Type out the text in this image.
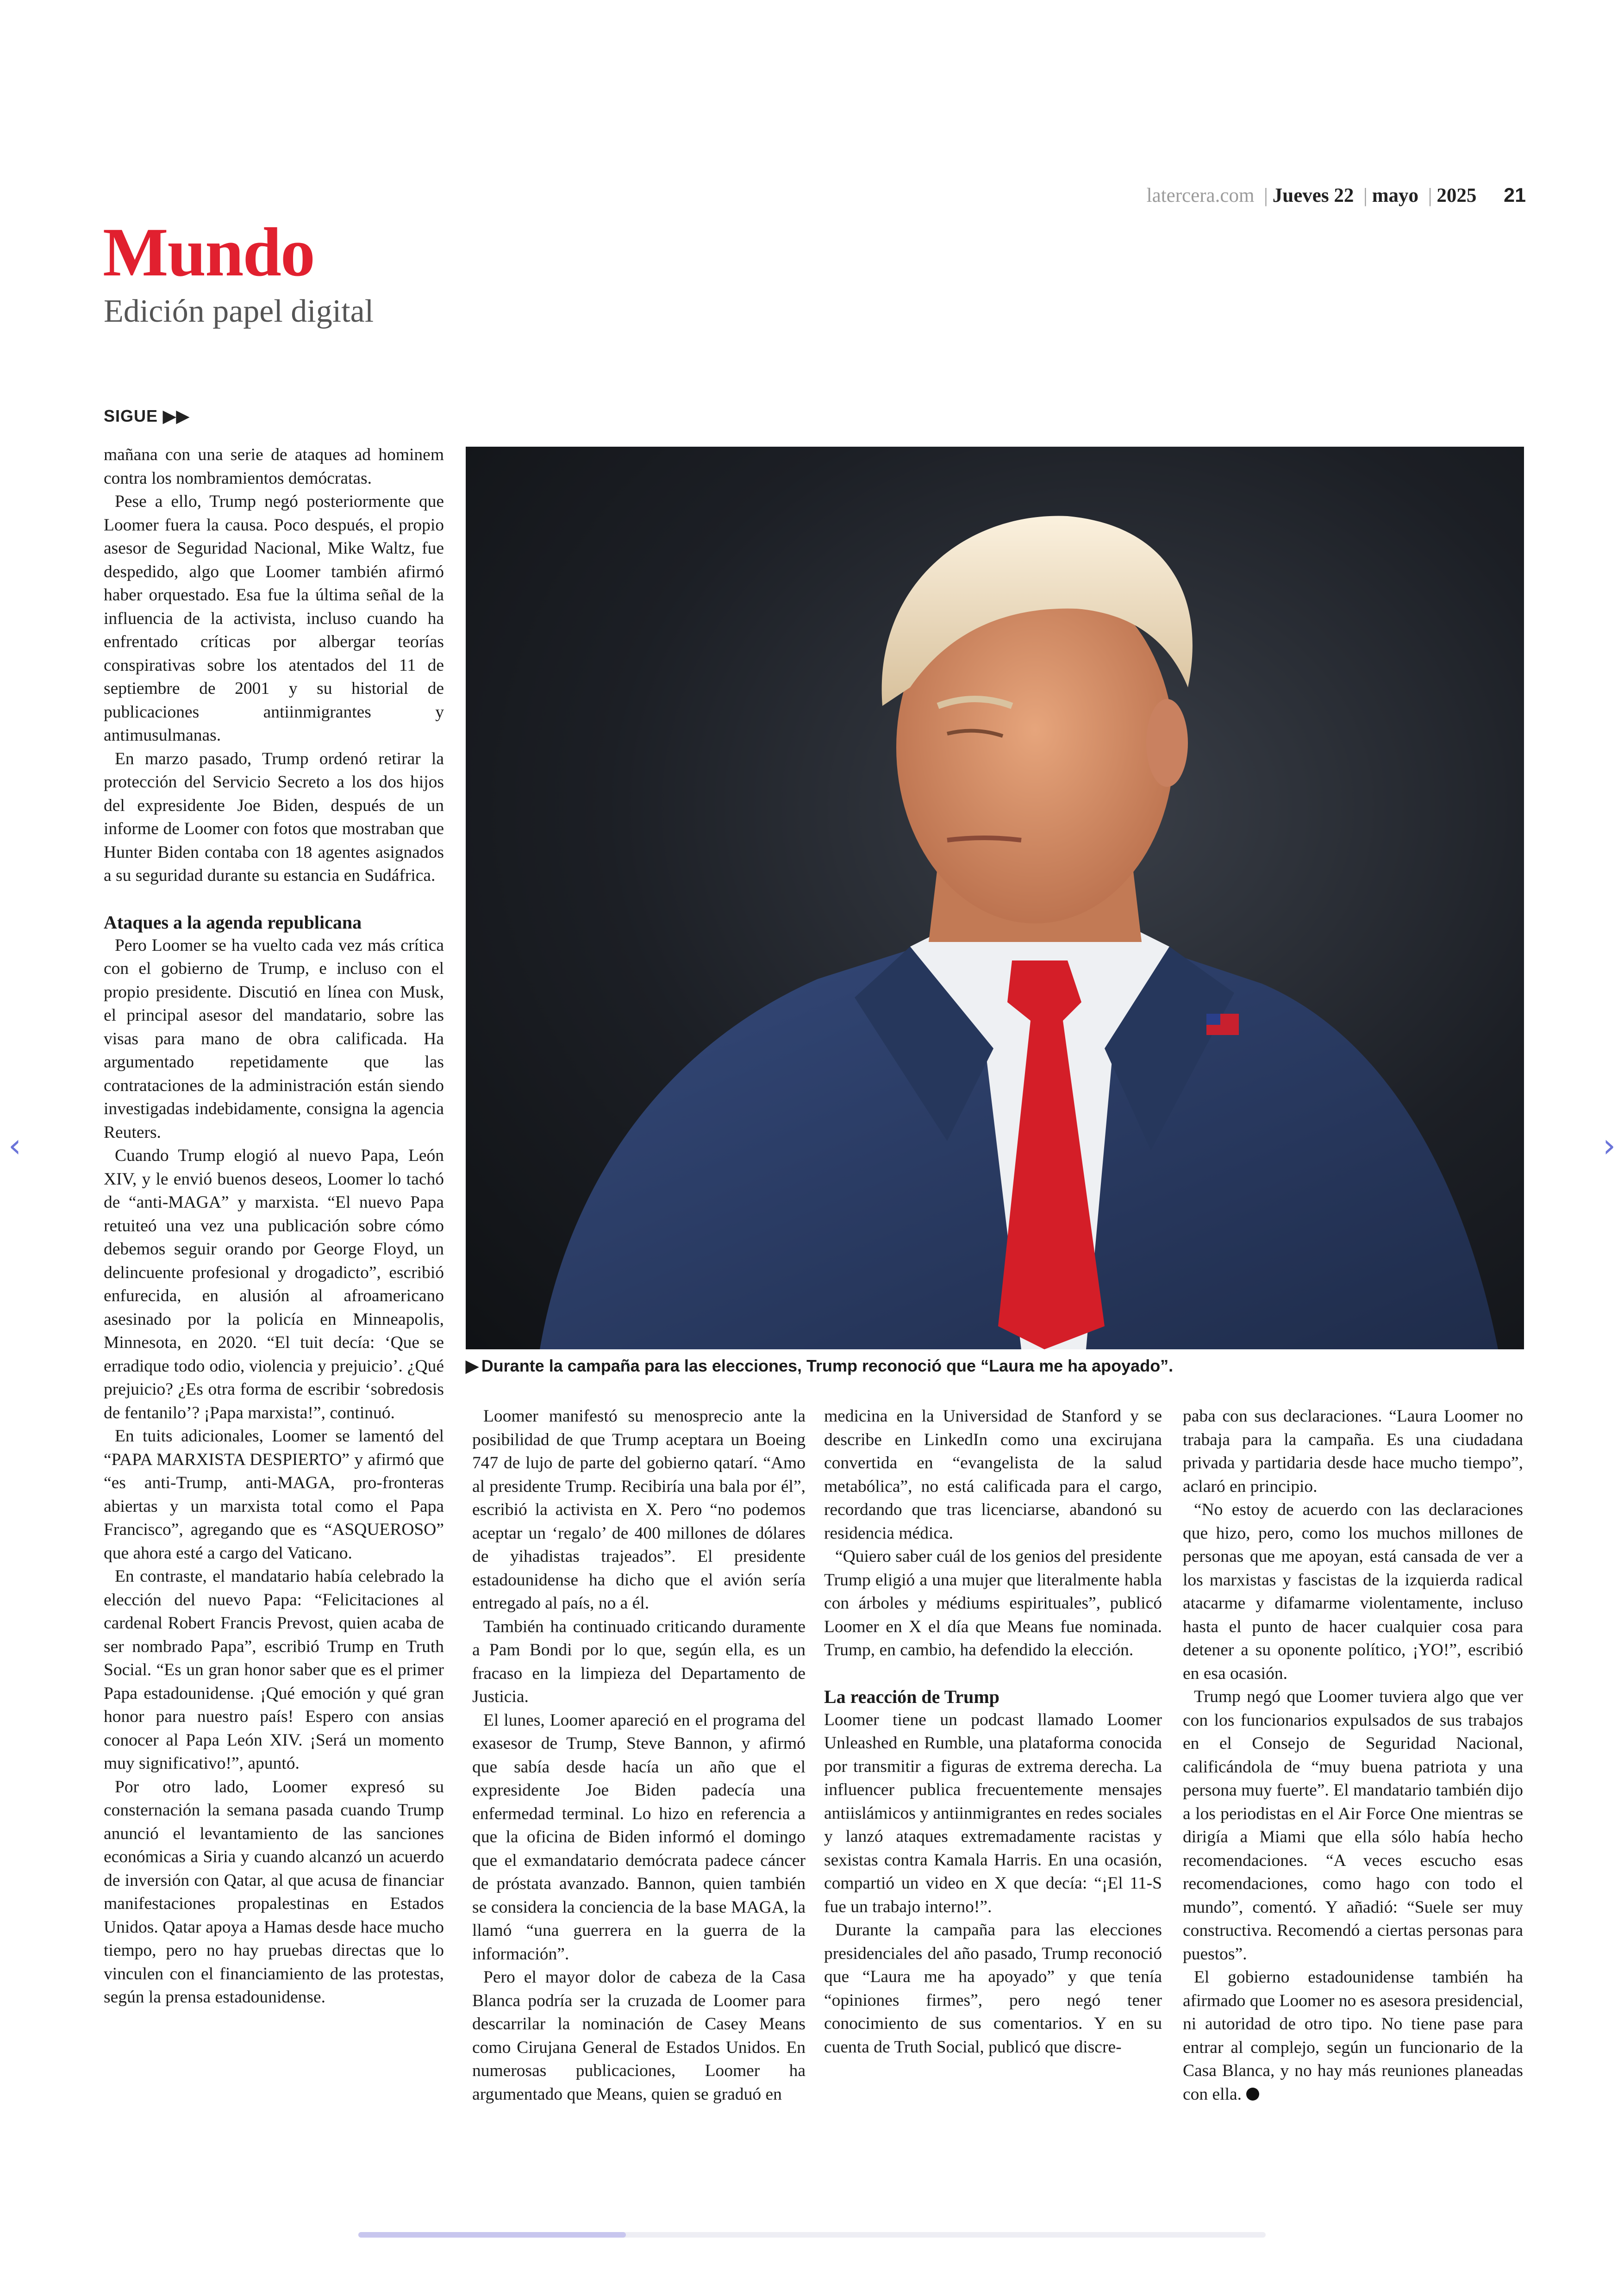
latercera.com | Jueves 22 | mayo | 2025 21
Mundo
Edición papel digital
SIGUE ▶▶

mañana con una serie de ataques ad hominem contra los nombramientos demócratas.

Pese a ello, Trump negó posteriormente que Loomer fuera la causa. Poco después, el propio asesor de Seguridad Nacional, Mike Waltz, fue despedido, algo que Loomer también afirmó haber orquestado. Esa fue la última señal de la influencia de la activista, incluso cuando ha enfrentado críticas por albergar teorías conspirativas sobre los atentados del 11 de septiembre de 2001 y su historial de publicaciones antiinmigrantes y antimusulmanas.

En marzo pasado, Trump ordenó retirar la protección del Servicio Secreto a los dos hijos del expresidente Joe Biden, después de un informe de Loomer con fotos que mostraban que Hunter Biden contaba con 18 agentes asignados a su seguridad durante su estancia en Sudáfrica.

Ataques a la agenda republicana

Pero Loomer se ha vuelto cada vez más crítica con el gobierno de Trump, e incluso con el propio presidente. Discutió en línea con Musk, el principal asesor del mandatario, sobre las visas para mano de obra calificada. Ha argumentado repetidamente que las contrataciones de la administración están siendo investigadas indebidamente, consigna la agencia Reuters.

Cuando Trump elogió al nuevo Papa, León XIV, y le envió buenos deseos, Loomer lo tachó de “anti-MAGA” y marxista. “El nuevo Papa retuiteó una vez una publicación sobre cómo debemos seguir orando por George Floyd, un delincuente profesional y drogadicto”, escribió enfurecida, en alusión al afroamericano asesinado por la policía en Minneapolis, Minnesota, en 2020. “El tuit decía: ‘Que se erradique todo odio, violencia y prejuicio’. ¿Qué prejuicio? ¿Es otra forma de escribir ‘sobredosis de fentanilo’? ¡Papa marxista!”, continuó.

En tuits adicionales, Loomer se lamentó del “PAPA MARXISTA DESPIERTO” y afirmó que “es anti-Trump, anti-MAGA, pro-fronteras abiertas y un marxista total como el Papa Francisco”, agregando que es “ASQUEROSO” que ahora esté a cargo del Vaticano.

En contraste, el mandatario había celebrado la elección del nuevo Papa: “Felicitaciones al cardenal Robert Francis Prevost, quien acaba de ser nombrado Papa”, escribió Trump en Truth Social. “Es un gran honor saber que es el primer Papa estadounidense. ¡Qué emoción y qué gran honor para nuestro país! Espero con ansias conocer al Papa León XIV. ¡Será un momento muy significativo!”, apuntó.

Por otro lado, Loomer expresó su consternación la semana pasada cuando Trump anunció el levantamiento de las sanciones económicas a Siria y cuando alcanzó un acuerdo de inversión con Qatar, al que acusa de financiar manifestaciones propalestinas en Estados Unidos. Qatar apoya a Hamas desde hace mucho tiempo, pero no hay pruebas directas que lo vinculen con el financiamiento de las protestas, según la prensa estadounidense.

▶ Durante la campaña para las elecciones, Trump reconoció que “Laura me ha apoyado”.

Loomer manifestó su menosprecio ante la posibilidad de que Trump aceptara un Boeing 747 de lujo de parte del gobierno qatarí. “Amo al presidente Trump. Recibiría una bala por él”, escribió la activista en X. Pero “no podemos aceptar un ‘regalo’ de 400 millones de dólares de yihadistas trajeados”. El presidente estadounidense ha dicho que el avión sería entregado al país, no a él.

También ha continuado criticando duramente a Pam Bondi por lo que, según ella, es un fracaso en la limpieza del Departamento de Justicia.

El lunes, Loomer apareció en el programa del exasesor de Trump, Steve Bannon, y afirmó que sabía desde hacía un año que el expresidente Joe Biden padecía una enfermedad terminal. Lo hizo en referencia a que la oficina de Biden informó el domingo que el exmandatario demócrata padece cáncer de próstata avanzado. Bannon, quien también se considera la conciencia de la base MAGA, la llamó “una guerrera en la guerra de la información”.

Pero el mayor dolor de cabeza de la Casa Blanca podría ser la cruzada de Loomer para descarrilar la nominación de Casey Means como Cirujana General de Estados Unidos. En numerosas publicaciones, Loomer ha argumentado que Means, quien se graduó en

medicina en la Universidad de Stanford y se describe en LinkedIn como una excirujana convertida en “evangelista de la salud metabólica”, no está calificada para el cargo, recordando que tras licenciarse, abandonó su residencia médica.

“Quiero saber cuál de los genios del presidente Trump eligió a una mujer que literalmente habla con árboles y médiums espirituales”, publicó Loomer en X el día que Means fue nominada. Trump, en cambio, ha defendido la elección.

La reacción de Trump

Loomer tiene un podcast llamado Loomer Unleashed en Rumble, una plataforma conocida por transmitir a figuras de extrema derecha. La influencer publica frecuentemente mensajes antiislámicos y antiinmigrantes en redes sociales y lanzó ataques extremadamente racistas y sexistas contra Kamala Harris. En una ocasión, compartió un video en X que decía: “¡El 11-S fue un trabajo interno!”.

Durante la campaña para las elecciones presidenciales del año pasado, Trump reconoció que “Laura me ha apoyado” y que tenía “opiniones firmes”, pero negó tener conocimiento de sus comentarios. Y en su cuenta de Truth Social, publicó que discre-

paba con sus declaraciones. “Laura Loomer no trabaja para la campaña. Es una ciudadana privada y partidaria desde hace mucho tiempo”, aclaró en principio.

“No estoy de acuerdo con las declaraciones que hizo, pero, como los muchos millones de personas que me apoyan, está cansada de ver a los marxistas y fascistas de la izquierda radical atacarme y difamarme violentamente, incluso hasta el punto de hacer cualquier cosa para detener a su oponente político, ¡YO!”, escribió en esa ocasión.

Trump negó que Loomer tuviera algo que ver con los funcionarios expulsados de sus trabajos en el Consejo de Seguridad Nacional, calificándola de “muy buena patriota y una persona muy fuerte”. El mandatario también dijo a los periodistas en el Air Force One mientras se dirigía a Miami que ella sólo había hecho recomendaciones. “A veces escucho esas recomendaciones, como hago con todo el mundo”, comentó. Y añadió: “Suele ser muy constructiva. Recomendó a ciertas personas para puestos”.

El gobierno estadounidense también ha afirmado que Loomer no es asesora presidencial, ni autoridad de otro tipo. No tiene pase para entrar al complejo, según un funcionario de la Casa Blanca, y no hay más reuniones planeadas con ella.

‹	›
